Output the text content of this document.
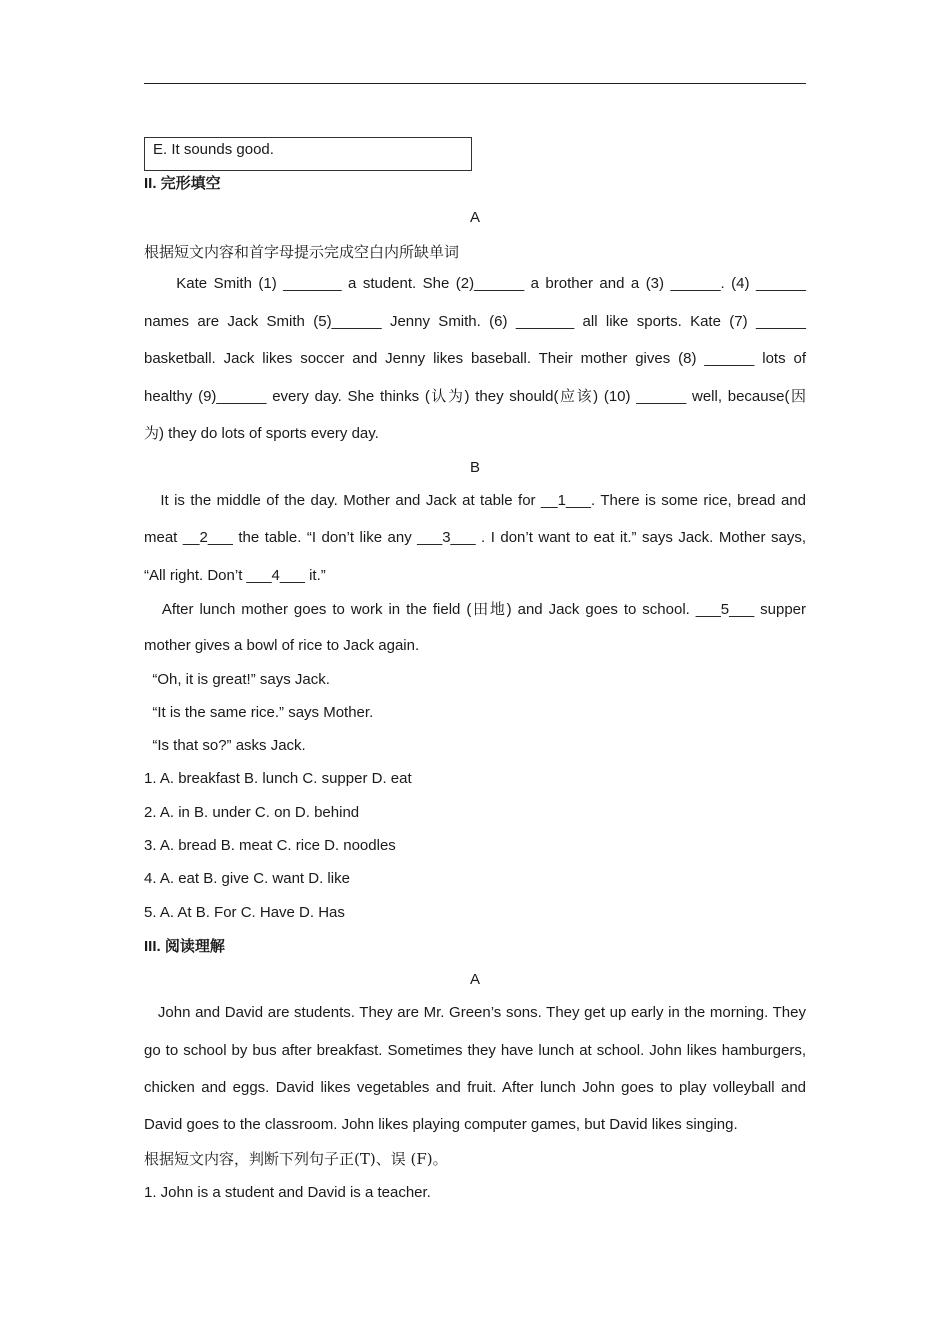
E. It sounds good.
II. 完形填空
A
根据短文内容和首字母提示完成空白内所缺单词
Kate Smith (1) _______ a student. She (2)______ a brother and a (3) ______. (4) ______
names are Jack Smith (5)______ Jenny Smith. (6) _______ all like sports. Kate (7) ______
basketball. Jack likes soccer and Jenny likes baseball. Their mother gives (8) ______ lots of
healthy (9)______ every day. She thinks (认为) they should(应该) (10) ______ well, because(因
为) they do lots of sports every day.
B
It is the middle of the day. Mother and Jack at table for __1___. There is some rice, bread and
meat __2___ the table. “I don’t like any ___3___ . I don’t want to eat it.” says Jack. Mother says,
“All right. Don’t ___4___ it.”
After lunch mother goes to work in the field (田地) and Jack goes to school. ___5___ supper
mother gives a bowl of rice to Jack again.
“Oh, it is great!” says Jack.
“It is the same rice.” says Mother.
“Is that so?” asks Jack.
1. A. breakfast B. lunch C. supper D. eat
2. A. in B. under C. on D. behind
3. A. bread B. meat C. rice D. noodles
4. A. eat B. give C. want D. like
5. A. At B. For C. Have D. Has
III. 阅读理解
A
John and David are students. They are Mr. Green’s sons. They get up early in the morning. They
go to school by bus after breakfast. Sometimes they have lunch at school. John likes hamburgers,
chicken and eggs. David likes vegetables and fruit. After lunch John goes to play volleyball and
David goes to the classroom. John likes playing computer games, but David likes singing.
根据短文内容，判断下列句子正(T)、误 (F)。
1. John is a student and David is a teacher.
